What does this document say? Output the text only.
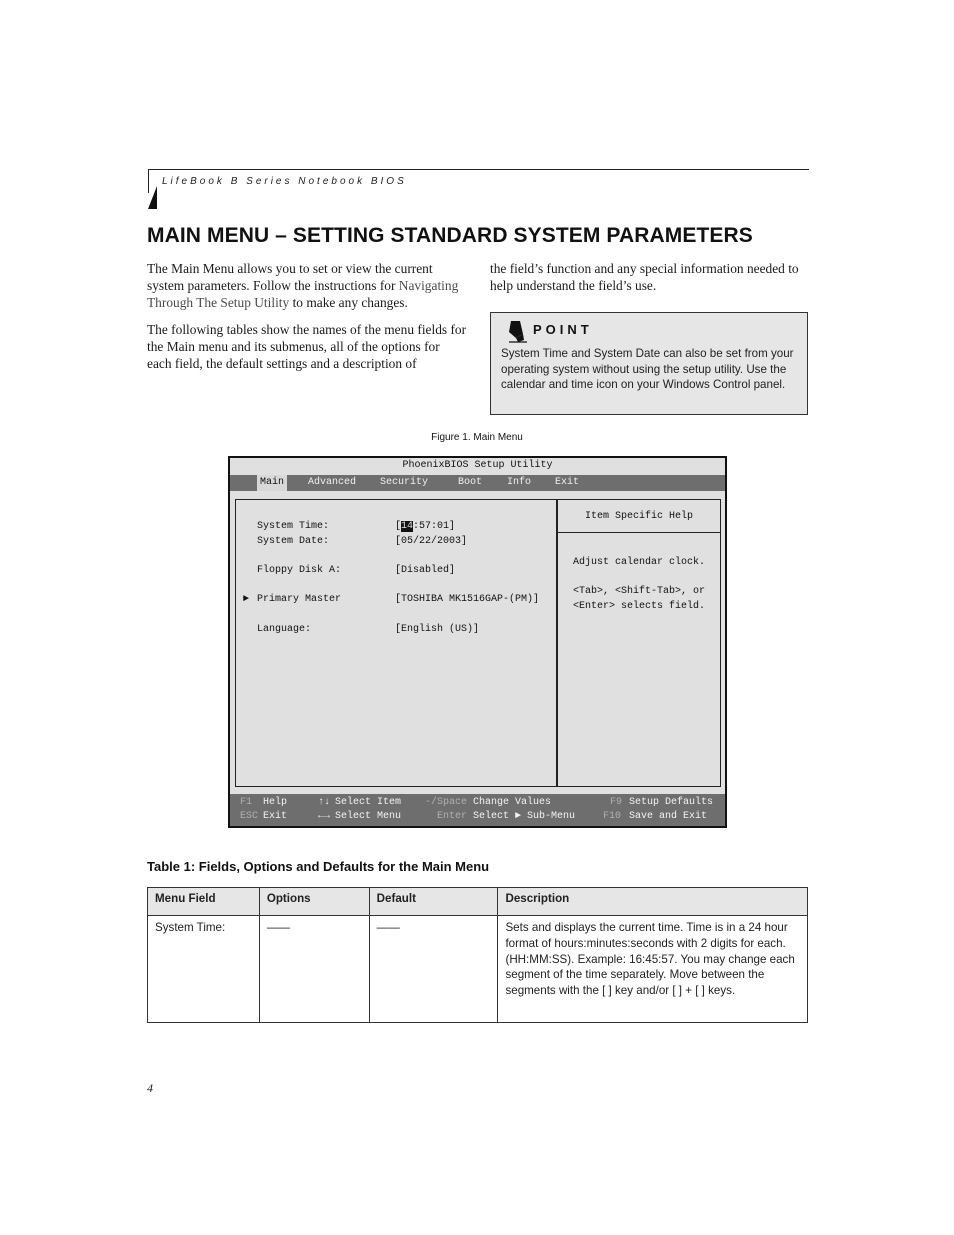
LifeBook B Series Notebook BIOS
MAIN MENU – SETTING STANDARD SYSTEM PARAMETERS

The Main Menu allows you to set or view the current system parameters. Follow the instructions for Navigating Through The Setup Utility to make any changes.

The following tables show the names of the menu fields for the Main menu and its submenus, all of the options for each field, the default settings and a description of

the field’s function and any special information needed to help understand the field’s use.

POINT
System Time and System Date can also be set from your operating system without using the setup utility. Use the calendar and time icon on your Windows Control panel.
Figure 1. Main Menu
PhoenixBIOS Setup Utility
Main	Advanced Security	Boot Info Exit
System Time:	[14:57:01]
System Date:	[05/22/2003]
Floppy Disk A:	[Disabled]
► Primary Master	[TOSHIBA MK1516GAP-(PM)]
Language:	[English (US)]
Item Specific Help
Adjust calendar clock.
<Tab>, <Shift-Tab>, or
<Enter> selects field.
F1 Help	↑↓ Select Item -/Space Change Values	F9 Setup Defaults
ESC Exit	←→ Select Menu	Enter Select ► Sub-Menu	F10 Save and Exit
Table 1: Fields, Options and Defaults for the Main Menu
Menu Field	Options	Default	Description
System Time:	——	——	Sets and displays the current time. Time is in a 24 hour format of hours:minutes:seconds with 2 digits for each. (HH:MM:SS). Example: 16:45:57. You may change each segment of the time separately. Move between the segments with the [ ] key and/or [ ] + [ ] keys.
4
